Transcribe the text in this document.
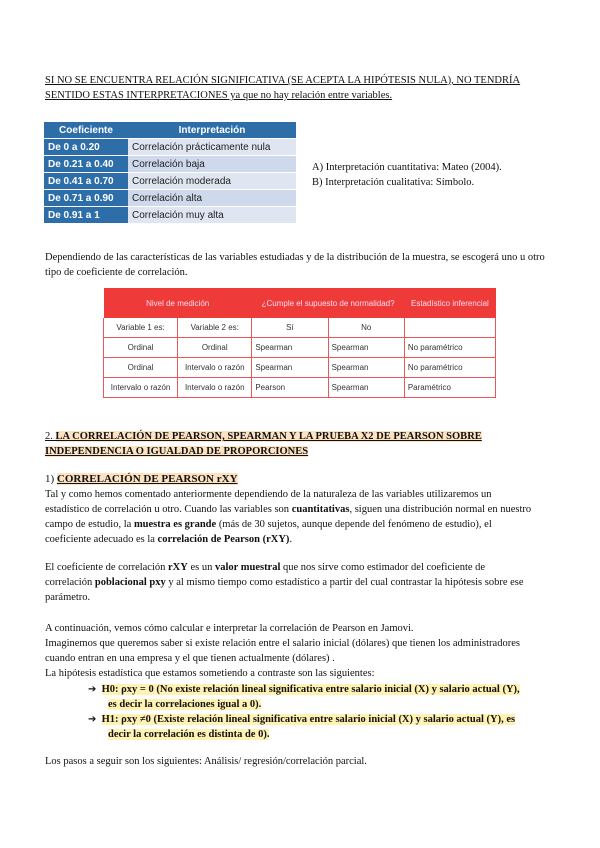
SI NO SE ENCUENTRA RELACIÓN SIGNIFICATIVA (SE ACEPTA LA HIPÓTESIS NULA), NO TENDRÍA
SENTIDO ESTAS INTERPRETACIONES ya que no hay relación entre variables.
Coeficiente	Interpretación
De 0 a 0.20	Correlación prácticamente nula
De 0.21 a 0.40	Correlación baja
De 0.41 a 0.70	Correlación moderada
De 0.71 a 0.90	Correlación alta
De 0.91 a 1	Correlación muy alta
A) Interpretación cuantitativa: Mateo (2004).
B) Interpretación cualitativa: Símbolo.
Dependiendo de las características de las variables estudiadas y de la distribución de la muestra, se escogerá uno u otro tipo de coeficiente de correlación.
Nivel de medición		¿Cumple el supuesto de normalidad?		Estadístico inferencial
Variable 1 es:	Variable 2 es:	Sí	No	
Ordinal	Ordinal	Spearman	Spearman	No paramétrico
Ordinal	Intervalo o razón	Spearman	Spearman	No paramétrico
Intervalo o razón	Intervalo o razón	Pearson	Spearman	Paramétrico
2. LA CORRELACIÓN DE PEARSON, SPEARMAN Y LA PRUEBA X2 DE PEARSON SOBRE
INDEPENDENCIA O IGUALDAD DE PROPORCIONES
1) CORRELACIÓN DE PEARSON rXY
Tal y como hemos comentado anteriormente dependiendo de la naturaleza de las variables utilizaremos un
estadístico de correlación u otro. Cuando las variables son cuantitativas, siguen una distribución normal en nuestro
campo de estudio, la muestra es grande (más de 30 sujetos, aunque depende del fenómeno de estudio), el
coeficiente adecuado es la correlación de Pearson (rXY).
El coeficiente de correlación rXY es un valor muestral que nos sirve como estimador del coeficiente de
correlación poblacional pxy y al mismo tiempo como estadístico a partir del cual contrastar la hipótesis sobre ese
parámetro.
A continuación, vemos cómo calcular e interpretar la correlación de Pearson en Jamovi.
Imaginemos que queremos saber si existe relación entre el salario inicial (dólares) que tienen los administradores
cuando entran en una empresa y el que tienen actualmente (dólares) .
La hipótesis estadística que estamos sometiendo a contraste son las siguientes:
➔ H0: ρxy = 0 (No existe relación lineal significativa entre salario inicial (X) y salario actual (Y),
es decir la correlaciones igual a 0).
➔ H1: ρxy ≠0 (Existe relación lineal significativa entre salario inicial (X) y salario actual (Y), es
decir la correlación es distinta de 0).
Los pasos a seguir son los siguientes: Análisis/ regresión/correlación parcial.
